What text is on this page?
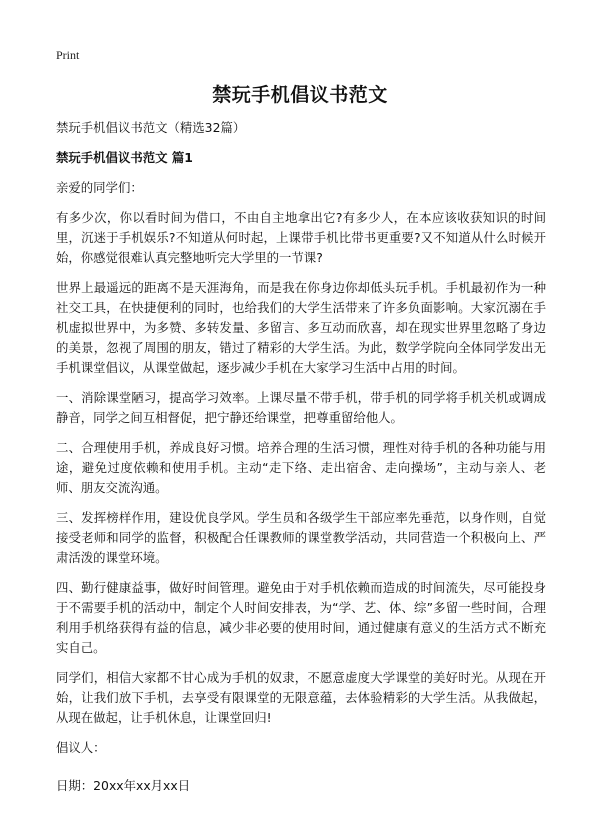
Print
禁玩手机倡议书范文

禁玩手机倡议书范文（精选32篇）

禁玩手机倡议书范文 篇1

亲爱的同学们：

有多少次，你以看时间为借口，不由自主地拿出它?有多少人，在本应该收获知识的时间里，沉迷于手机娱乐?不知道从何时起，上课带手机比带书更重要?又不知道从什么时候开始，你感觉很难认真完整地听完大学里的一节课?

世界上最遥远的距离不是天涯海角，而是我在你身边你却低头玩手机。手机最初作为一种社交工具，在快捷便利的同时，也给我们的大学生活带来了许多负面影响。大家沉溺在手机虚拟世界中，为多赞、多转发量、多留言、多互动而欣喜，却在现实世界里忽略了身边的美景，忽视了周围的朋友，错过了精彩的大学生活。为此，数学学院向全体同学发出无手机课堂倡议，从课堂做起，逐步减少手机在大家学习生活中占用的时间。

一、消除课堂陋习，提高学习效率。上课尽量不带手机，带手机的同学将手机关机或调成静音，同学之间互相督促，把宁静还给课堂，把尊重留给他人。

二、合理使用手机，养成良好习惯。培养合理的生活习惯，理性对待手机的各种功能与用途，避免过度依赖和使用手机。主动“走下络、走出宿舍、走向操场”，主动与亲人、老师、朋友交流沟通。

三、发挥榜样作用，建设优良学风。学生员和各级学生干部应率先垂范，以身作则，自觉接受老师和同学的监督，积极配合任课教师的课堂教学活动，共同营造一个积极向上、严肃活泼的课堂环境。

四、勤行健康益事，做好时间管理。避免由于对手机依赖而造成的时间流失，尽可能投身于不需要手机的活动中，制定个人时间安排表，为“学、艺、体、综”多留一些时间，合理利用手机络获得有益的信息，减少非必要的使用时间，通过健康有意义的生活方式不断充实自己。

同学们，相信大家都不甘心成为手机的奴隶，不愿意虚度大学课堂的美好时光。从现在开始，让我们放下手机，去享受有限课堂的无限意蕴，去体验精彩的大学生活。从我做起，从现在做起，让手机休息，让课堂回归!

倡议人：

日期：20xx年xx月xx日
